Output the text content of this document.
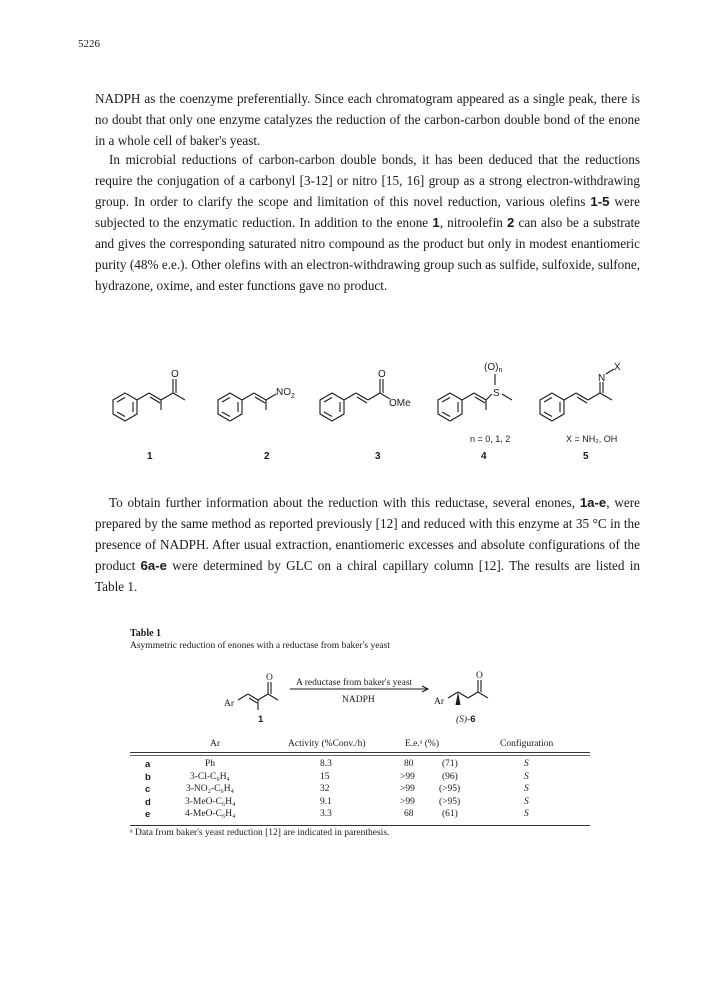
5226

NADPH as the coenzyme preferentially. Since each chromatogram appeared as a single peak, there is no doubt that only one enzyme catalyzes the reduction of the carbon-carbon double bond of the enone in a whole cell of baker's yeast.

In microbial reductions of carbon-carbon double bonds, it has been deduced that the reductions require the conjugation of a carbonyl [3-12] or nitro [15, 16] group as a strong electron-withdrawing group. In order to clarify the scope and limitation of this novel reduction, various olefins 1-5 were subjected to the enzymatic reduction. In addition to the enone 1, nitroolefin 2 can also be a substrate and gives the corresponding saturated nitro compound as the product but only in modest enantiomeric purity (48% e.e.). Other olefins with an electron-withdrawing group such as sulfide, sulfoxide, sulfone, hydrazone, oxime, and ester functions gave no product.

O
$NO_2$
O
OMe
S
$(O)_n$
N
X
n = 0, 1, 2	X = NH₂, OH
1	2	3	4	5

To obtain further information about the reduction with this reductase, several enones, 1a-e, were prepared by the same method as reported previously [12] and reduced with this enzyme at 35 °C in the presence of NADPH. After usual extraction, enantiomeric excesses and absolute configurations of the product 6a-e were determined by GLC on a chiral capillary column [12]. The results are listed in Table 1.

Table 1

Asymmetric reduction of enones with a reductase from baker's yeast

O	O
Ar	Ar
A reductase from baker's yeast
NADPH
1	(S)-6
Ar	Activity (%Conv./h)	E.e.ᵃ (%)	Configuration
a	Ph	8.3	80	(71)	S
b	3-Cl-C₆H₄	15	>99	(96)	S
c	3-NO₂-C₆H₄	32	>99	(>95)	S
d	3-MeO-C₆H₄	9.1	>99	(>95)	S
e	4-MeO-C₆H₄	3.3	68	(61)	S
ᵃ Data from baker's yeast reduction [12] are indicated in parenthesis.
